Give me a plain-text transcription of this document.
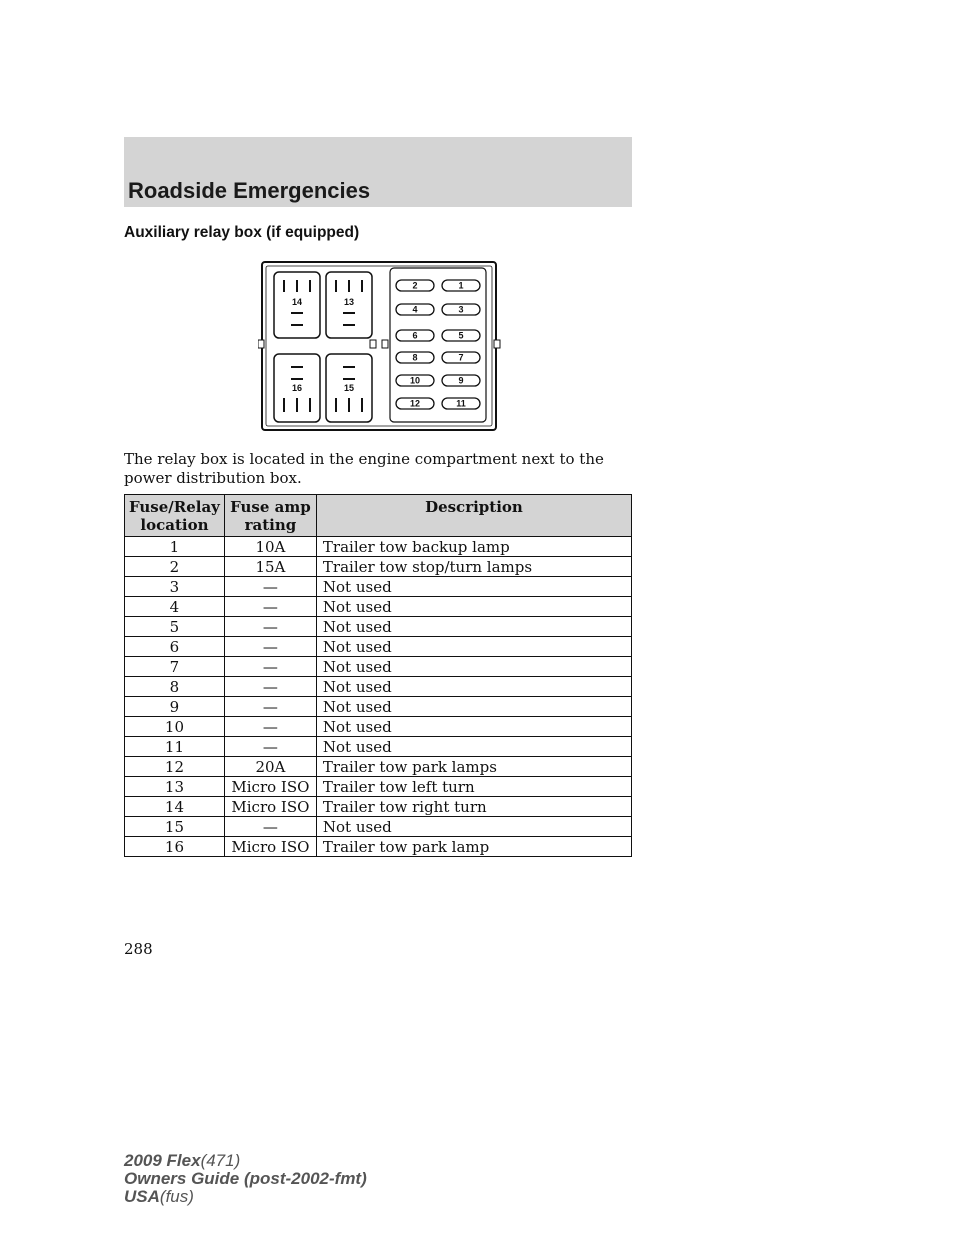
Roadside Emergencies
Auxiliary relay box (if equipped)
14	13
16	15
2	1
4	3
6	5
8	7
10	9
12	11
The relay box is located in the engine compartment next to the power distribution box.
Fuse/Relay location	Fuse amp rating	Description
1	10A	Trailer tow backup lamp
2	15A	Trailer tow stop/turn lamps
3	—	Not used
4	—	Not used
5	—	Not used
6	—	Not used
7	—	Not used
8	—	Not used
9	—	Not used
10	—	Not used
11	—	Not used
12	20A	Trailer tow park lamps
13	Micro ISO	Trailer tow left turn
14	Micro ISO	Trailer tow right turn
15	—	Not used
16	Micro ISO	Trailer tow park lamp
288
2009 Flex(471)
Owners Guide (post-2002-fmt)
USA(fus)
